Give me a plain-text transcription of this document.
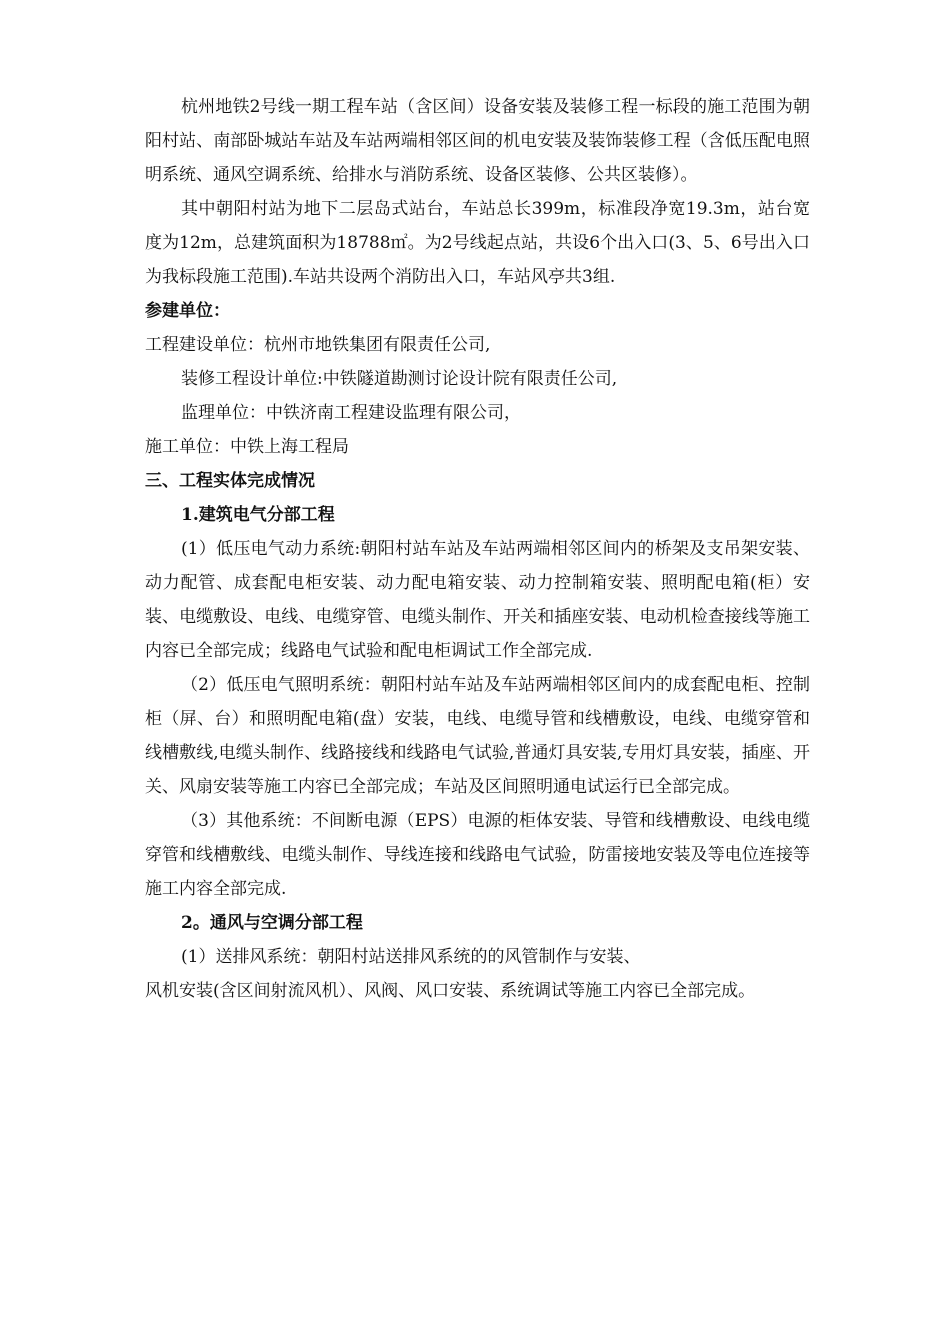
杭州地铁2号线一期工程车站（含区间）设备安装及装修工程一标段的施工范围为朝阳村站、南部卧城站车站及车站两端相邻区间的机电安装及装饰装修工程（含低压配电照明系统、通风空调系统、给排水与消防系统、设备区装修、公共区装修）。

其中朝阳村站为地下二层岛式站台，车站总长399m，标准段净宽19.3m，站台宽度为12m，总建筑面积为18788㎡。为2号线起点站，共设6个出入口(3、5、6号出入口为我标段施工范围).车站共设两个消防出入口，车站风亭共3组.

参建单位：

工程建设单位：杭州市地铁集团有限责任公司,

装修工程设计单位:中铁隧道勘测讨论设计院有限责任公司,

监理单位：中铁济南工程建设监理有限公司，

施工单位：中铁上海工程局

三、工程实体完成情况

1.建筑电气分部工程

(1）低压电气动力系统:朝阳村站车站及车站两端相邻区间内的桥架及支吊架安装、动力配管、成套配电柜安装、动力配电箱安装、动力控制箱安装、照明配电箱(柜）安装、电缆敷设、电线、电缆穿管、电缆头制作、开关和插座安装、电动机检查接线等施工内容已全部完成；线路电气试验和配电柜调试工作全部完成.

（2）低压电气照明系统：朝阳村站车站及车站两端相邻区间内的成套配电柜、控制柜（屏、台）和照明配电箱(盘）安装，电线、电缆导管和线槽敷设，电线、电缆穿管和线槽敷线,电缆头制作、线路接线和线路电气试验,普通灯具安装,专用灯具安装，插座、开关、风扇安装等施工内容已全部完成；车站及区间照明通电试运行已全部完成。

（3）其他系统：不间断电源（EPS）电源的柜体安装、导管和线槽敷设、电线电缆穿管和线槽敷线、电缆头制作、导线连接和线路电气试验，防雷接地安装及等电位连接等施工内容全部完成.

2。通风与空调分部工程

(1）送排风系统：朝阳村站送排风系统的的风管制作与安装、

风机安装(含区间射流风机）、风阀、风口安装、系统调试等施工内容已全部完成。
